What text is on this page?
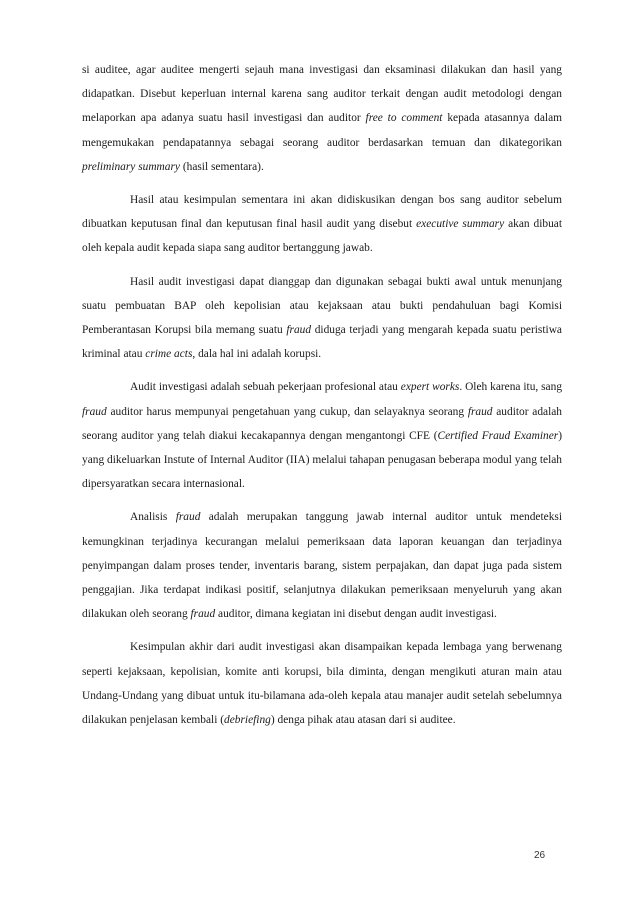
si auditee, agar auditee mengerti sejauh mana investigasi dan eksaminasi dilakukan dan hasil yang didapatkan. Disebut keperluan internal karena sang auditor terkait dengan audit metodologi dengan melaporkan apa adanya suatu hasil investigasi dan auditor free to comment kepada atasannya dalam mengemukakan pendapatannya sebagai seorang auditor berdasarkan temuan dan dikategorikan preliminary summary (hasil sementara).

Hasil atau kesimpulan sementara ini akan didiskusikan dengan bos sang auditor sebelum dibuatkan keputusan final dan keputusan final hasil audit yang disebut executive summary akan dibuat oleh kepala audit kepada siapa sang auditor bertanggung jawab.

Hasil audit investigasi dapat dianggap dan digunakan sebagai bukti awal untuk menunjang suatu pembuatan BAP oleh kepolisian atau kejaksaan atau bukti pendahuluan bagi Komisi Pemberantasan Korupsi bila memang suatu fraud diduga terjadi yang mengarah kepada suatu peristiwa kriminal atau crime acts, dala hal ini adalah korupsi.

Audit investigasi adalah sebuah pekerjaan profesional atau expert works. Oleh karena itu, sang fraud auditor harus mempunyai pengetahuan yang cukup, dan selayaknya seorang fraud auditor adalah seorang auditor yang telah diakui kecakapannya dengan mengantongi CFE (Certified Fraud Examiner) yang dikeluarkan Instute of Internal Auditor (IIA) melalui tahapan penugasan beberapa modul yang telah dipersyaratkan secara internasional.

Analisis fraud adalah merupakan tanggung jawab internal auditor untuk mendeteksi kemungkinan terjadinya kecurangan melalui pemeriksaan data laporan keuangan dan terjadinya penyimpangan dalam proses tender, inventaris barang, sistem perpajakan, dan dapat juga pada sistem penggajian. Jika terdapat indikasi positif, selanjutnya dilakukan pemeriksaan menyeluruh yang akan dilakukan oleh seorang fraud auditor, dimana kegiatan ini disebut dengan audit investigasi.

Kesimpulan akhir dari audit investigasi akan disampaikan kepada lembaga yang berwenang seperti kejaksaan, kepolisian, komite anti korupsi, bila diminta, dengan mengikuti aturan main atau Undang-Undang yang dibuat untuk itu-bilamana ada-oleh kepala atau manajer audit setelah sebelumnya dilakukan penjelasan kembali (debriefing) denga pihak atau atasan dari si auditee.

26
